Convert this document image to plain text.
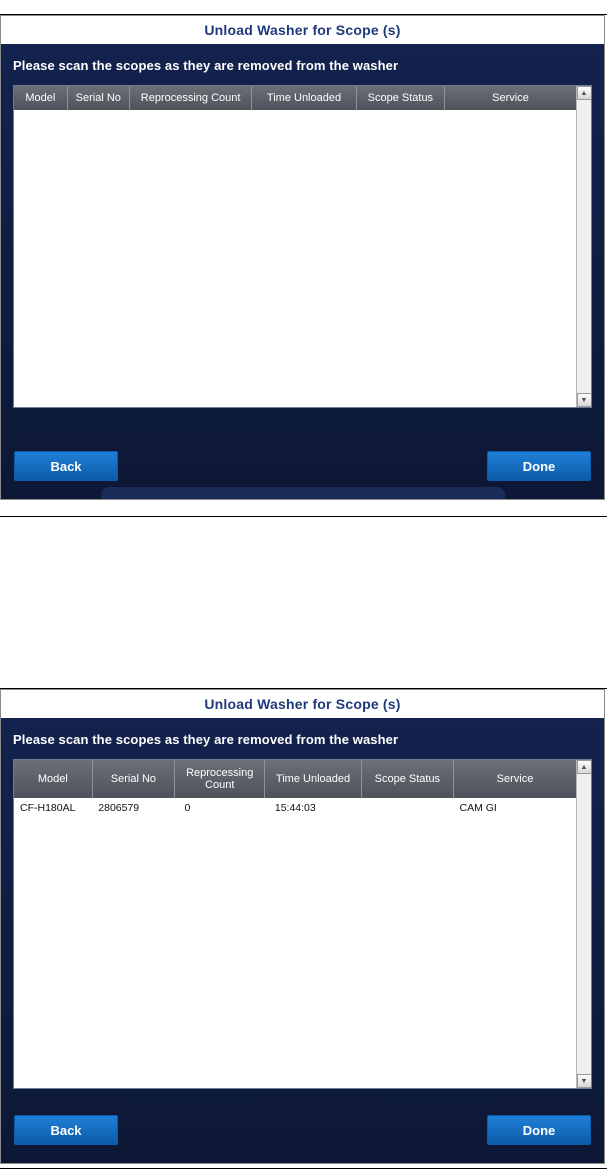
Unload Washer for Scope (s)
Please scan the scopes as they are removed from the washer
Model	Serial No	Reprocessing Count	Time Unloaded	Scope Status	Service	▲
▼
Back	Done
Unload Washer for Scope (s)
Please scan the scopes as they are removed from the washer
Model	Serial No	Reprocessing Count	Time Unloaded	Scope Status	Service
CF-H180AL	2806579	0	15:44:03		CAM GI
▲
▼
Back	Done
